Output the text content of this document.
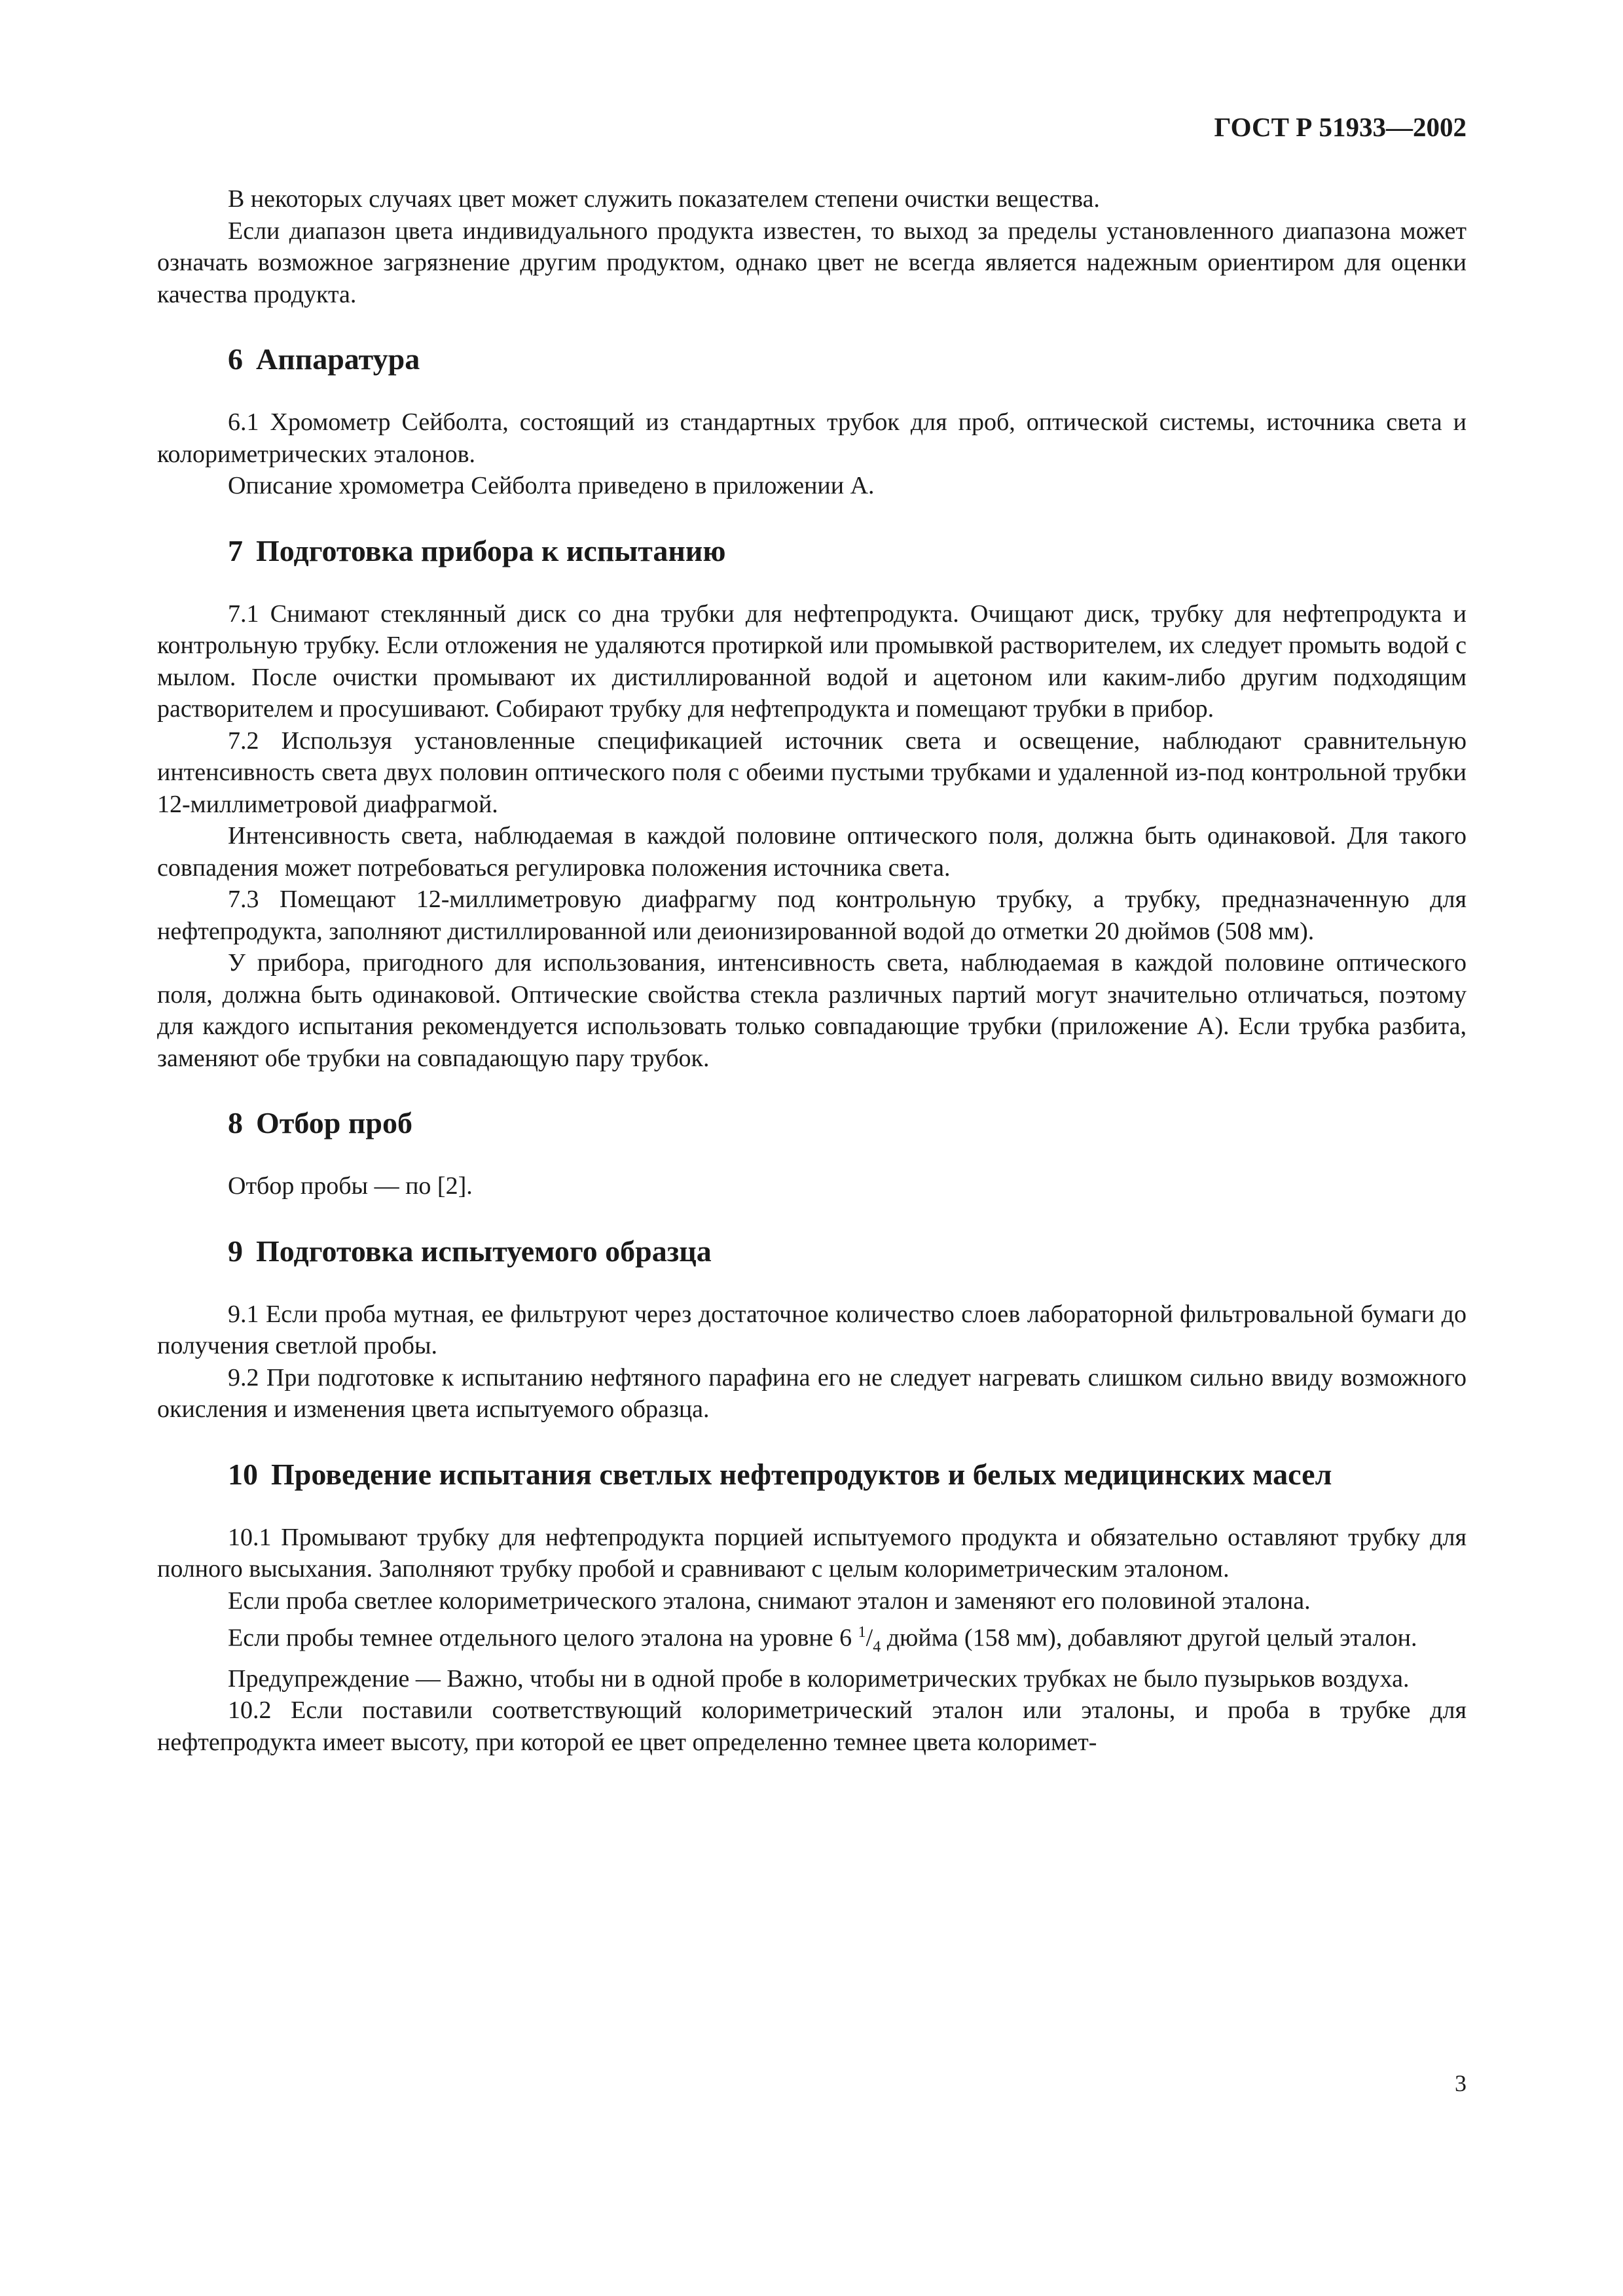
ГОСТ Р 51933—2002

В некоторых случаях цвет может служить показателем степени очистки вещества.

Если диапазон цвета индивидуального продукта известен, то выход за пределы установленного диапазона может означать возможное загрязнение другим продуктом, однако цвет не всегда является надежным ориентиром для оценки качества продукта.

6 Аппаратура

6.1 Хромометр Сейболта, состоящий из стандартных трубок для проб, оптической системы, источника света и колориметрических эталонов.

Описание хромометра Сейболта приведено в приложении А.

7 Подготовка прибора к испытанию

7.1 Снимают стеклянный диск со дна трубки для нефтепродукта. Очищают диск, трубку для нефтепродукта и контрольную трубку. Если отложения не удаляются протиркой или промывкой растворителем, их следует промыть водой с мылом. После очистки промывают их дистиллированной водой и ацетоном или каким-либо другим подходящим растворителем и просушивают. Собирают трубку для нефтепродукта и помещают трубки в прибор.

7.2 Используя установленные спецификацией источник света и освещение, наблюдают сравнительную интенсивность света двух половин оптического поля с обеими пустыми трубками и удаленной из-под контрольной трубки 12-миллиметровой диафрагмой.

Интенсивность света, наблюдаемая в каждой половине оптического поля, должна быть одинаковой. Для такого совпадения может потребоваться регулировка положения источника света.

7.3 Помещают 12-миллиметровую диафрагму под контрольную трубку, а трубку, предназначенную для нефтепродукта, заполняют дистиллированной или деионизированной водой до отметки 20 дюймов (508 мм).

У прибора, пригодного для использования, интенсивность света, наблюдаемая в каждой половине оптического поля, должна быть одинаковой. Оптические свойства стекла различных партий могут значительно отличаться, поэтому для каждого испытания рекомендуется использовать только совпадающие трубки (приложение А). Если трубка разбита, заменяют обе трубки на совпадающую пару трубок.

8 Отбор проб

Отбор пробы — по [2].

9 Подготовка испытуемого образца

9.1 Если проба мутная, ее фильтруют через достаточное количество слоев лабораторной фильтровальной бумаги до получения светлой пробы.

9.2 При подготовке к испытанию нефтяного парафина его не следует нагревать слишком сильно ввиду возможного окисления и изменения цвета испытуемого образца.

10 Проведение испытания светлых нефтепродуктов и белых медицинских масел

10.1 Промывают трубку для нефтепродукта порцией испытуемого продукта и обязательно оставляют трубку для полного высыхания. Заполняют трубку пробой и сравнивают с целым колориметрическим эталоном.

Если проба светлее колориметрического эталона, снимают эталон и заменяют его половиной эталона.

Если пробы темнее отдельного целого эталона на уровне 6 $^1/_4$ дюйма (158 мм), добавляют другой целый эталон.

Предупреждение — Важно, чтобы ни в одной пробе в колориметрических трубках не было пузырьков воздуха.

10.2 Если поставили соответствующий колориметрический эталон или эталоны, и проба в трубке для нефтепродукта имеет высоту, при которой ее цвет определенно темнее цвета колоримет-

3
